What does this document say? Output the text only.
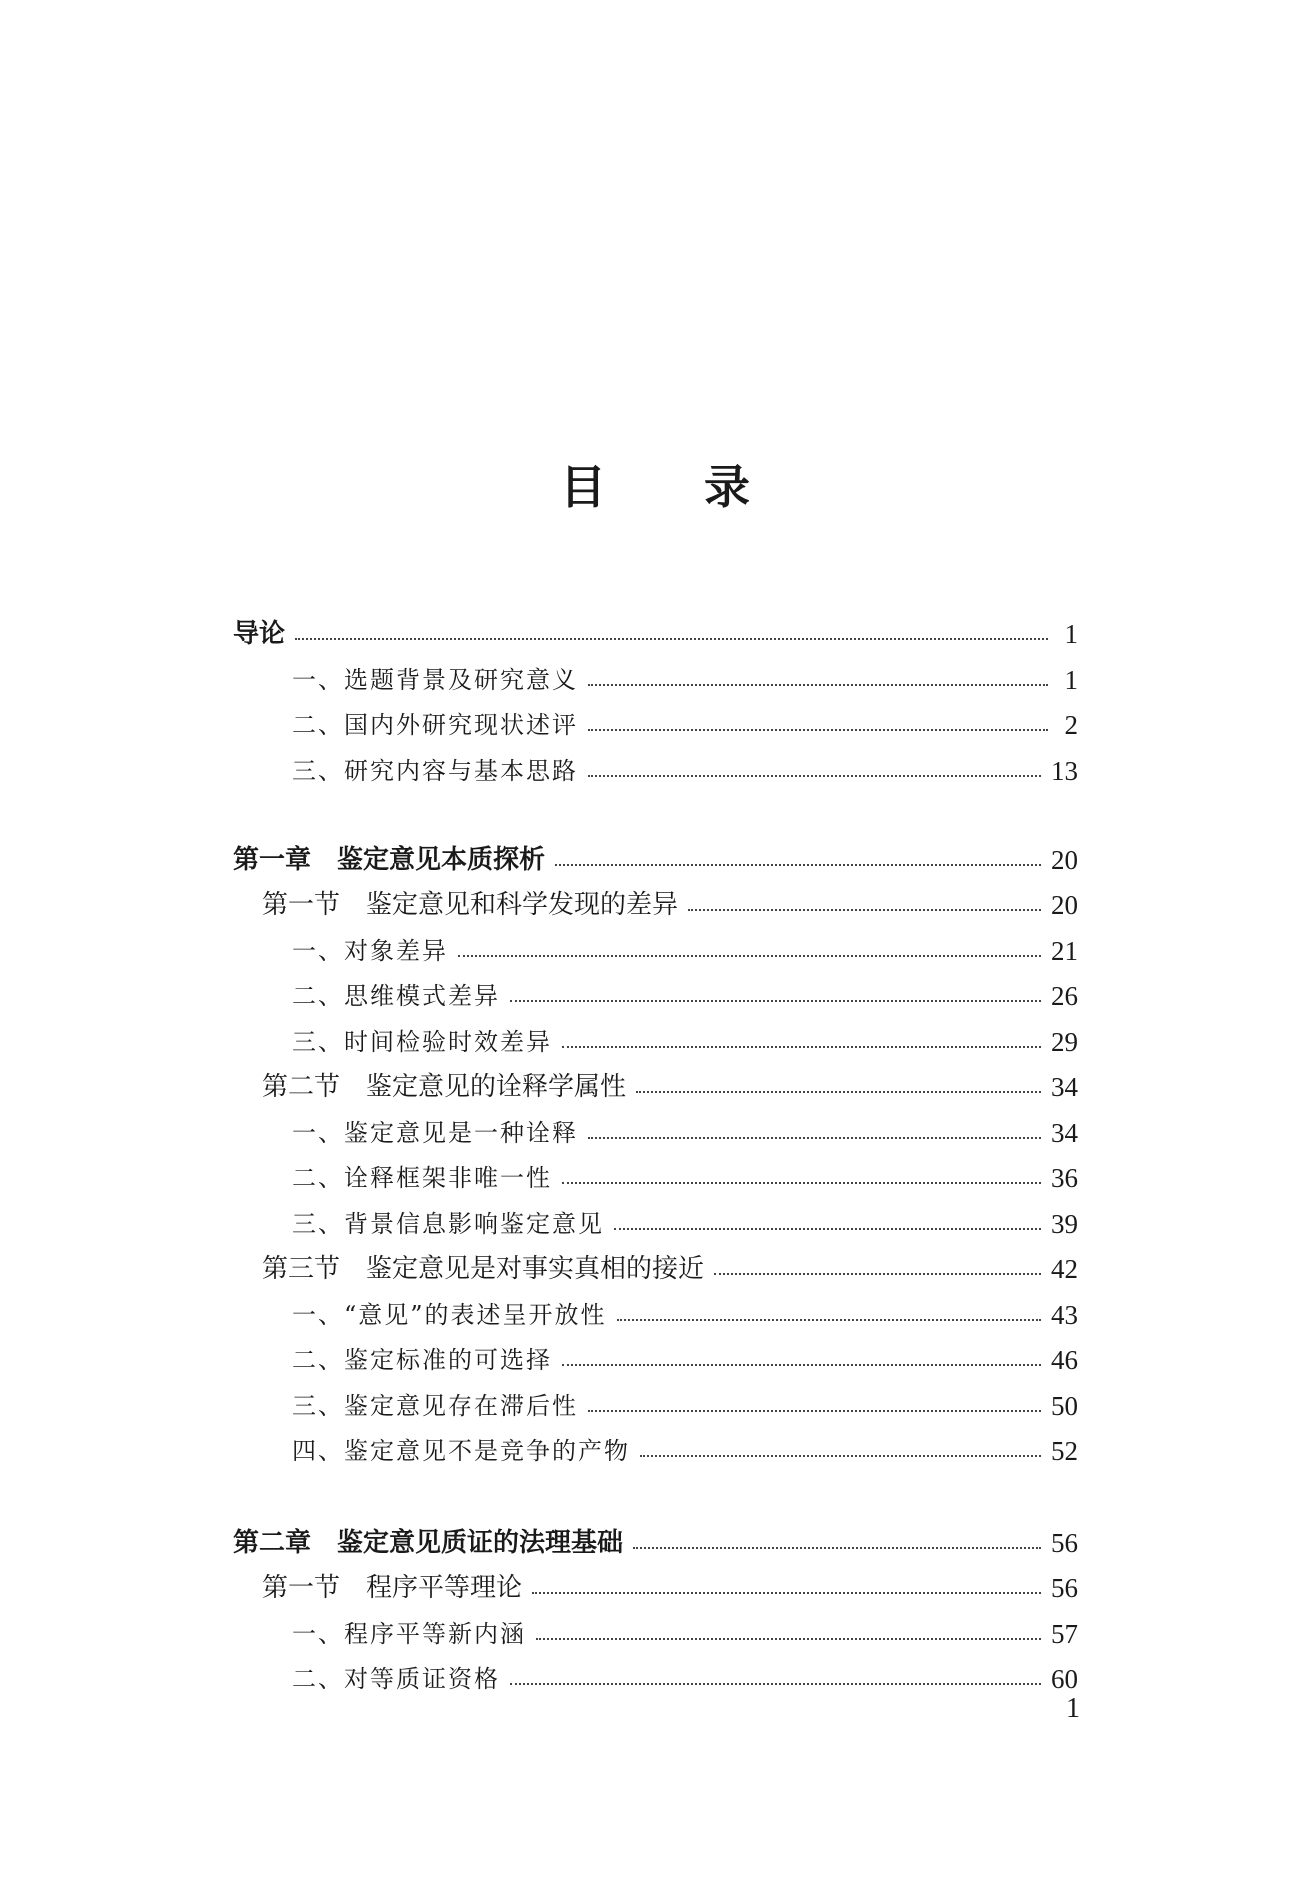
目 录
导论	1
一、选题背景及研究意义	1
二、国内外研究现状述评	2
三、研究内容与基本思路	13
第一章　鉴定意见本质探析	20
第一节　鉴定意见和科学发现的差异	20
一、对象差异	21
二、思维模式差异	26
三、时间检验时效差异	29
第二节　鉴定意见的诠释学属性	34
一、鉴定意见是一种诠释	34
二、诠释框架非唯一性	36
三、背景信息影响鉴定意见	39
第三节　鉴定意见是对事实真相的接近	42
一、“意见”的表述呈开放性	43
二、鉴定标准的可选择	46
三、鉴定意见存在滞后性	50
四、鉴定意见不是竞争的产物	52
第二章　鉴定意见质证的法理基础	56
第一节　程序平等理论	56
一、程序平等新内涵	57
二、对等质证资格	60
1
